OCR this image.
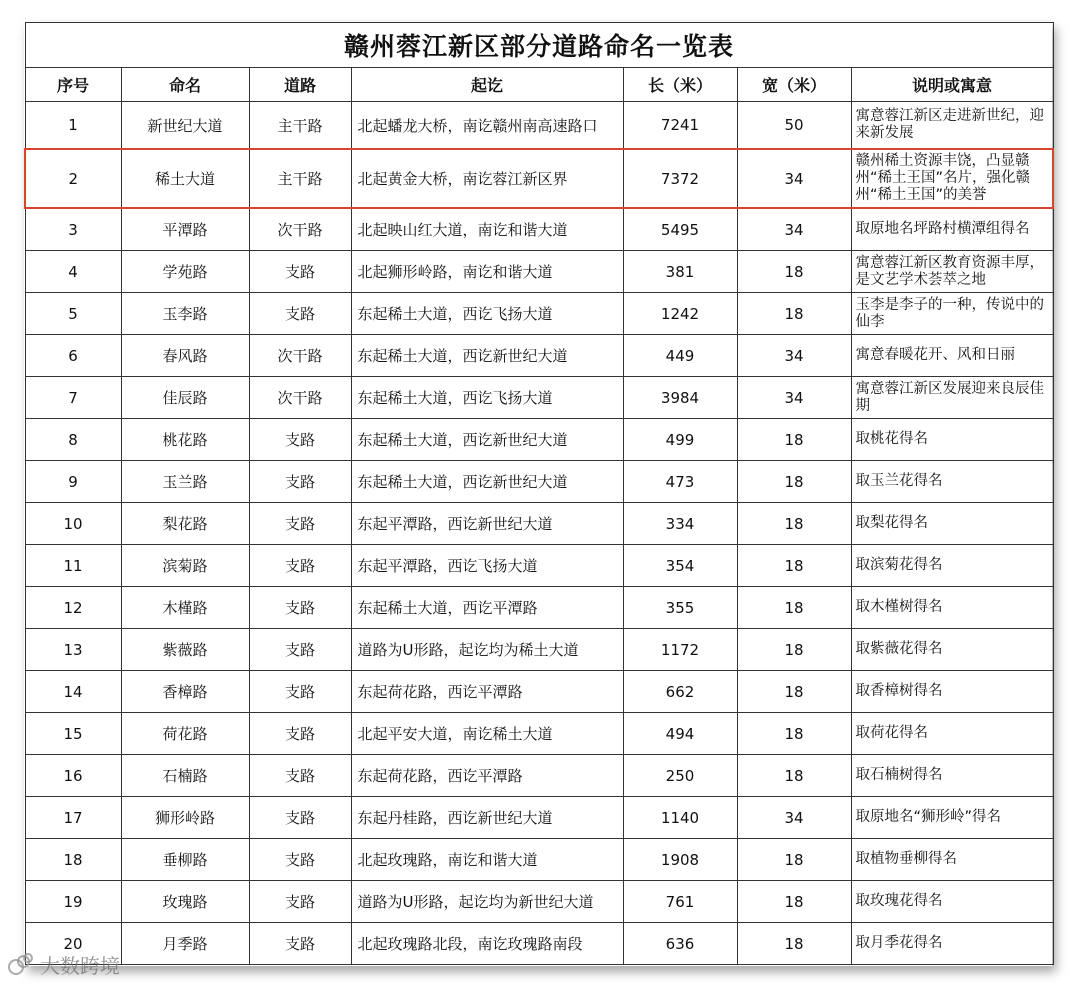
赣州蓉江新区部分道路命名一览表						
序号	命名	道路	起讫	长（米）	宽（米）	说明或寓意
1	新世纪大道	主干路	北起蟠龙大桥，南讫赣州南高速路口	7241	50	寓意蓉江新区走进新世纪，迎来新发展
2	稀土大道	主干路	北起黄金大桥，南讫蓉江新区界	7372	34	赣州稀土资源丰饶，凸显赣州“稀土王国”名片，强化赣州“稀土王国”的美誉
3	平潭路	次干路	北起映山红大道，南讫和谐大道	5495	34	取原地名坪路村横潭组得名
4	学苑路	支路	北起狮形岭路，南讫和谐大道	381	18	寓意蓉江新区教育资源丰厚，是文艺学术荟萃之地
5	玉李路	支路	东起稀土大道，西讫飞扬大道	1242	18	玉李是李子的一种，传说中的仙李
6	春风路	次干路	东起稀土大道，西讫新世纪大道	449	34	寓意春暖花开、风和日丽
7	佳辰路	次干路	东起稀土大道，西讫飞扬大道	3984	34	寓意蓉江新区发展迎来良辰佳期
8	桃花路	支路	东起稀土大道，西讫新世纪大道	499	18	取桃花得名
9	玉兰路	支路	东起稀土大道，西讫新世纪大道	473	18	取玉兰花得名
10	梨花路	支路	东起平潭路，西讫新世纪大道	334	18	取梨花得名
11	滨菊路	支路	东起平潭路，西讫飞扬大道	354	18	取滨菊花得名
12	木槿路	支路	东起稀土大道，西讫平潭路	355	18	取木槿树得名
13	紫薇路	支路	道路为U形路，起讫均为稀土大道	1172	18	取紫薇花得名
14	香樟路	支路	东起荷花路，西讫平潭路	662	18	取香樟树得名
15	荷花路	支路	北起平安大道，南讫稀土大道	494	18	取荷花得名
16	石楠路	支路	东起荷花路，西讫平潭路	250	18	取石楠树得名
17	狮形岭路	支路	东起丹桂路，西讫新世纪大道	1140	34	取原地名“狮形岭”得名
18	垂柳路	支路	北起玫瑰路，南讫和谐大道	1908	18	取植物垂柳得名
19	玫瑰路	支路	道路为U形路，起讫均为新世纪大道	761	18	取玫瑰花得名
20	月季路	支路	北起玫瑰路北段，南讫玫瑰路南段	636	18	取月季花得名
大数跨境
